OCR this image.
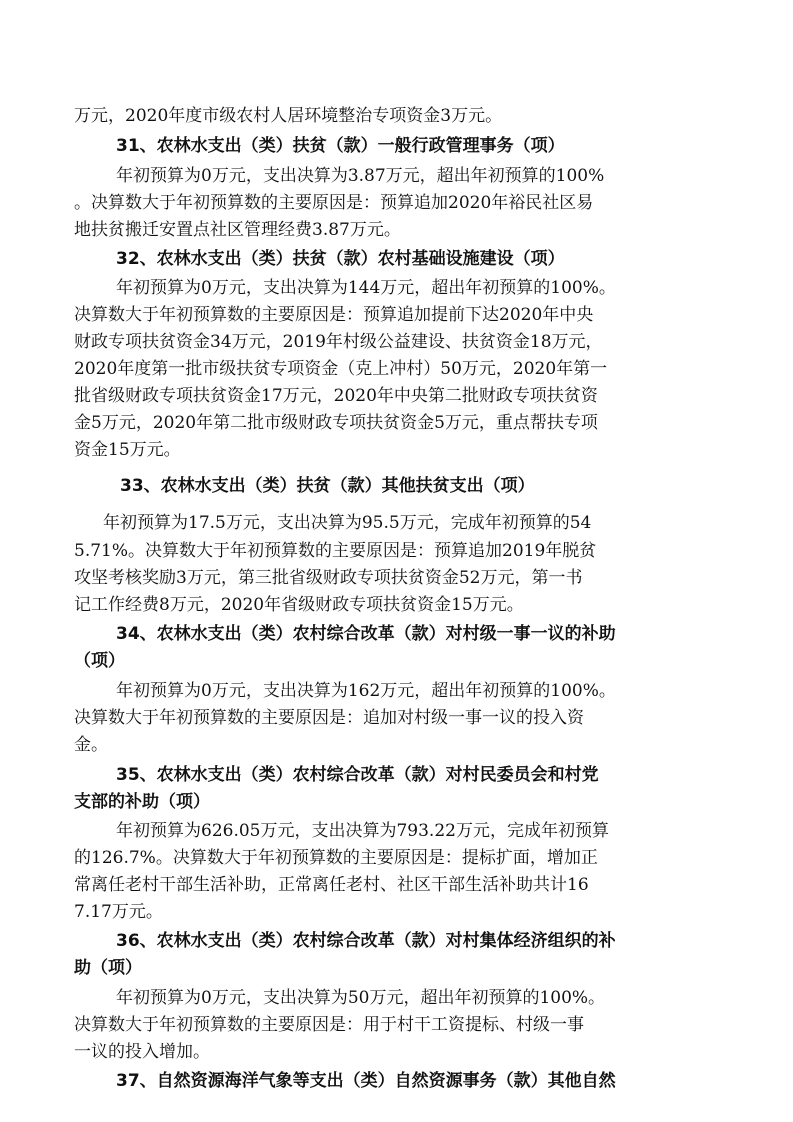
万元，2020年度市级农村人居环境整治专项资金3万元。
31、农林水支出（类）扶贫（款）一般行政管理事务（项）
年初预算为0万元，支出决算为3.87万元，超出年初预算的100%
。决算数大于年初预算数的主要原因是：预算追加2020年裕民社区易
地扶贫搬迁安置点社区管理经费3.87万元。
32、农林水支出（类）扶贫（款）农村基础设施建设（项）
年初预算为0万元，支出决算为144万元，超出年初预算的100%。
决算数大于年初预算数的主要原因是：预算追加提前下达2020年中央
财政专项扶贫资金34万元，2019年村级公益建设、扶贫资金18万元，
2020年度第一批市级扶贫专项资金（克上冲村）50万元，2020年第一
批省级财政专项扶贫资金17万元，2020年中央第二批财政专项扶贫资
金5万元，2020年第二批市级财政专项扶贫资金5万元，重点帮扶专项
资金15万元。
33、农林水支出（类）扶贫（款）其他扶贫支出（项）
年初预算为17.5万元，支出决算为95.5万元，完成年初预算的54
5.71%。决算数大于年初预算数的主要原因是：预算追加2019年脱贫
攻坚考核奖励3万元，第三批省级财政专项扶贫资金52万元，第一书
记工作经费8万元，2020年省级财政专项扶贫资金15万元。
34、农林水支出（类）农村综合改革（款）对村级一事一议的补助
（项）
年初预算为0万元，支出决算为162万元，超出年初预算的100%。
决算数大于年初预算数的主要原因是：追加对村级一事一议的投入资
金。
35、农林水支出（类）农村综合改革（款）对村民委员会和村党
支部的补助（项）
年初预算为626.05万元，支出决算为793.22万元，完成年初预算
的126.7%。决算数大于年初预算数的主要原因是：提标扩面，增加正
常离任老村干部生活补助，正常离任老村、社区干部生活补助共计16
7.17万元。
36、农林水支出（类）农村综合改革（款）对村集体经济组织的补
助（项）
年初预算为0万元，支出决算为50万元，超出年初预算的100%。
决算数大于年初预算数的主要原因是：用于村干工资提标、村级一事
一议的投入增加。
37、自然资源海洋气象等支出（类）自然资源事务（款）其他自然
